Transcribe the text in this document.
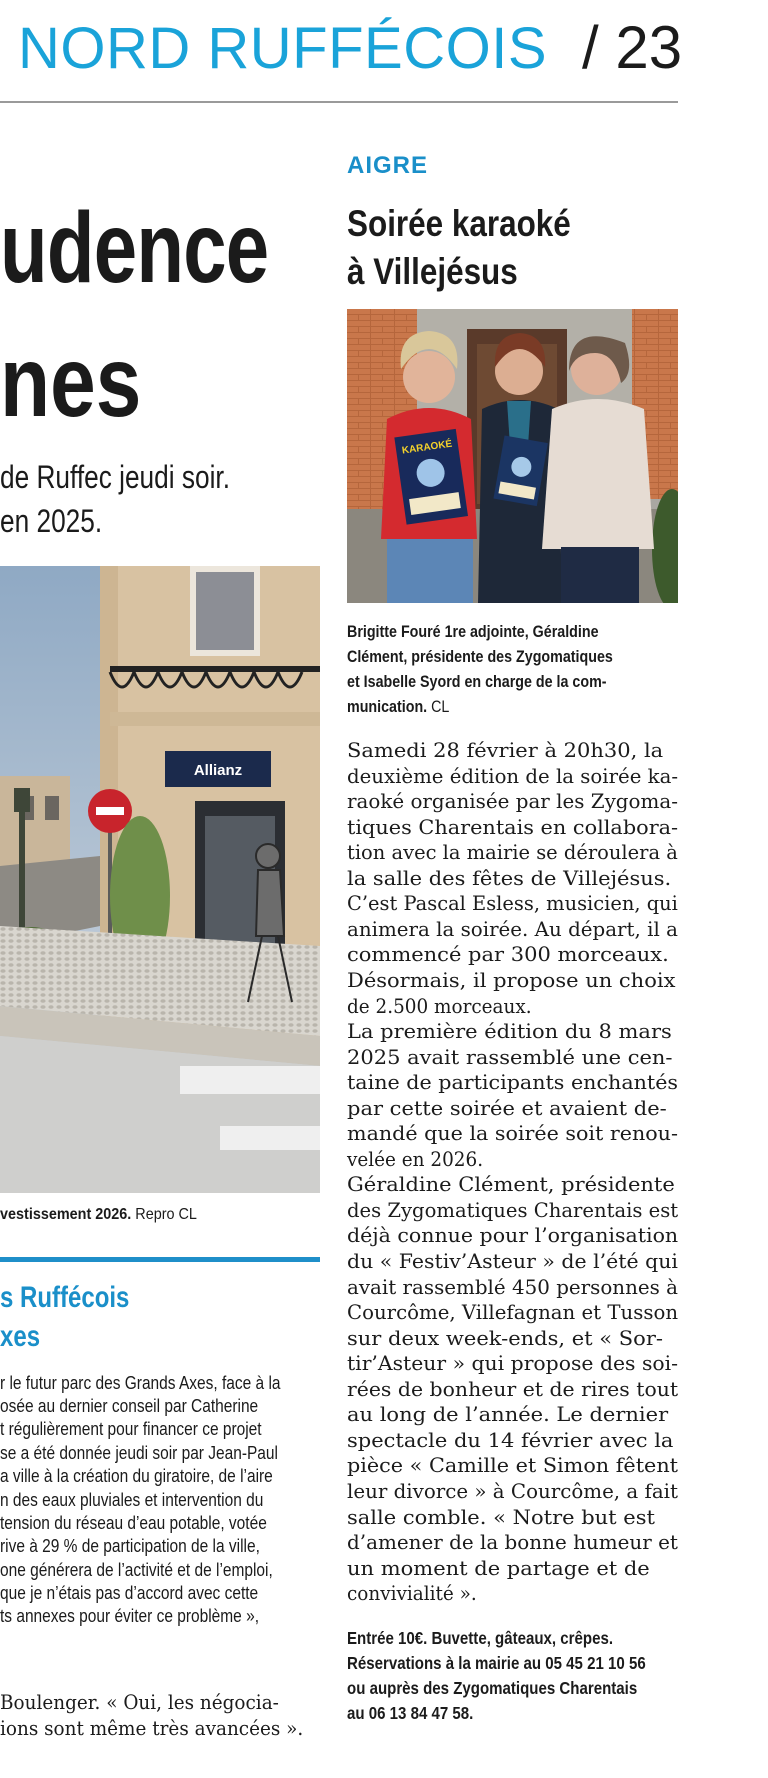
NORD RUFFÉCOIS / 23
udence
nes
de Ruffec jeudi soir.
en 2025.
Allianz
vestissement 2026. Repro CL
s Ruffécois
xes
r le futur parc des Grands Axes, face à la
osée au dernier conseil par Catherine
t régulièrement pour financer ce projet
se a été donnée jeudi soir par Jean-Paul
a ville à la création du giratoire, de l’aire
n des eaux pluviales et intervention du
tension du réseau d’eau potable, votée
rive à 29 % de participation de la ville,
one générera de l’activité et de l’emploi,
que je n’étais pas d’accord avec cette
ts annexes pour éviter ce problème »,
Boulenger. « Oui, les négocia-
ions sont même très avancées ».
AIGRE
Soirée karaoké
à Villejésus
KARAOKÉ
Brigitte Fouré 1re adjointe, Géraldine
Clément, présidente des Zygomatiques
et Isabelle Syord en charge de la com-
munication. CL
Samedi 28 février à 20h30, la
deuxième édition de la soirée ka-
raoké organisée par les Zygoma-
tiques Charentais en collabora-
tion avec la mairie se déroulera à
la salle des fêtes de Villejésus.
C’est Pascal Esless, musicien, qui
animera la soirée. Au départ, il a
commencé par 300 morceaux.
Désormais, il propose un choix
de 2.500 morceaux.
La première édition du 8 mars
2025 avait rassemblé une cen-
taine de participants enchantés
par cette soirée et avaient de-
mandé que la soirée soit renou-
velée en 2026.
Géraldine Clément, présidente
des Zygomatiques Charentais est
déjà connue pour l’organisation
du « Festiv’Asteur » de l’été qui
avait rassemblé 450 personnes à
Courcôme, Villefagnan et Tusson
sur deux week-ends, et « Sor-
tir’Asteur » qui propose des soi-
rées de bonheur et de rires tout
au long de l’année. Le dernier
spectacle du 14 février avec la
pièce « Camille et Simon fêtent
leur divorce » à Courcôme, a fait
salle comble. « Notre but est
d’amener de la bonne humeur et
un moment de partage et de
convivialité ».
Entrée 10€. Buvette, gâteaux, crêpes.
Réservations à la mairie au 05 45 21 10 56
ou auprès des Zygomatiques Charentais
au 06 13 84 47 58.
